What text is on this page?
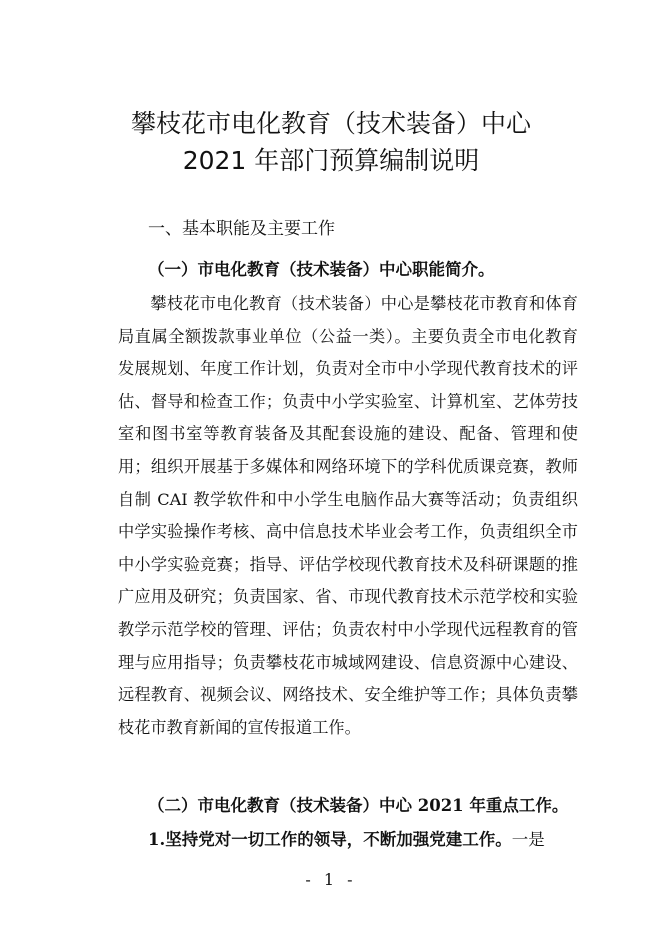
攀枝花市电化教育（技术装备）中心
2021 年部门预算编制说明
一、基本职能及主要工作
（一）市电化教育（技术装备）中心职能简介。

攀枝花市电化教育（技术装备）中心是攀枝花市教育和体育局直属全额拨款事业单位（公益一类）。主要负责全市电化教育发展规划、年度工作计划，负责对全市中小学现代教育技术的评估、督导和检查工作；负责中小学实验室、计算机室、艺体劳技室和图书室等教育装备及其配套设施的建设、配备、管理和使用；组织开展基于多媒体和网络环境下的学科优质课竞赛，教师自制 CAI 教学软件和中小学生电脑作品大赛等活动；负责组织中学实验操作考核、高中信息技术毕业会考工作，负责组织全市中小学实验竞赛；指导、评估学校现代教育技术及科研课题的推广应用及研究；负责国家、省、市现代教育技术示范学校和实验教学示范学校的管理、评估；负责农村中小学现代远程教育的管理与应用指导；负责攀枝花市城域网建设、信息资源中心建设、远程教育、视频会议、网络技术、安全维护等工作；具体负责攀枝花市教育新闻的宣传报道工作。

（二）市电化教育（技术装备）中心 2021 年重点工作。
1.坚持党对一切工作的领导，不断加强党建工作。一是
- 1 -
